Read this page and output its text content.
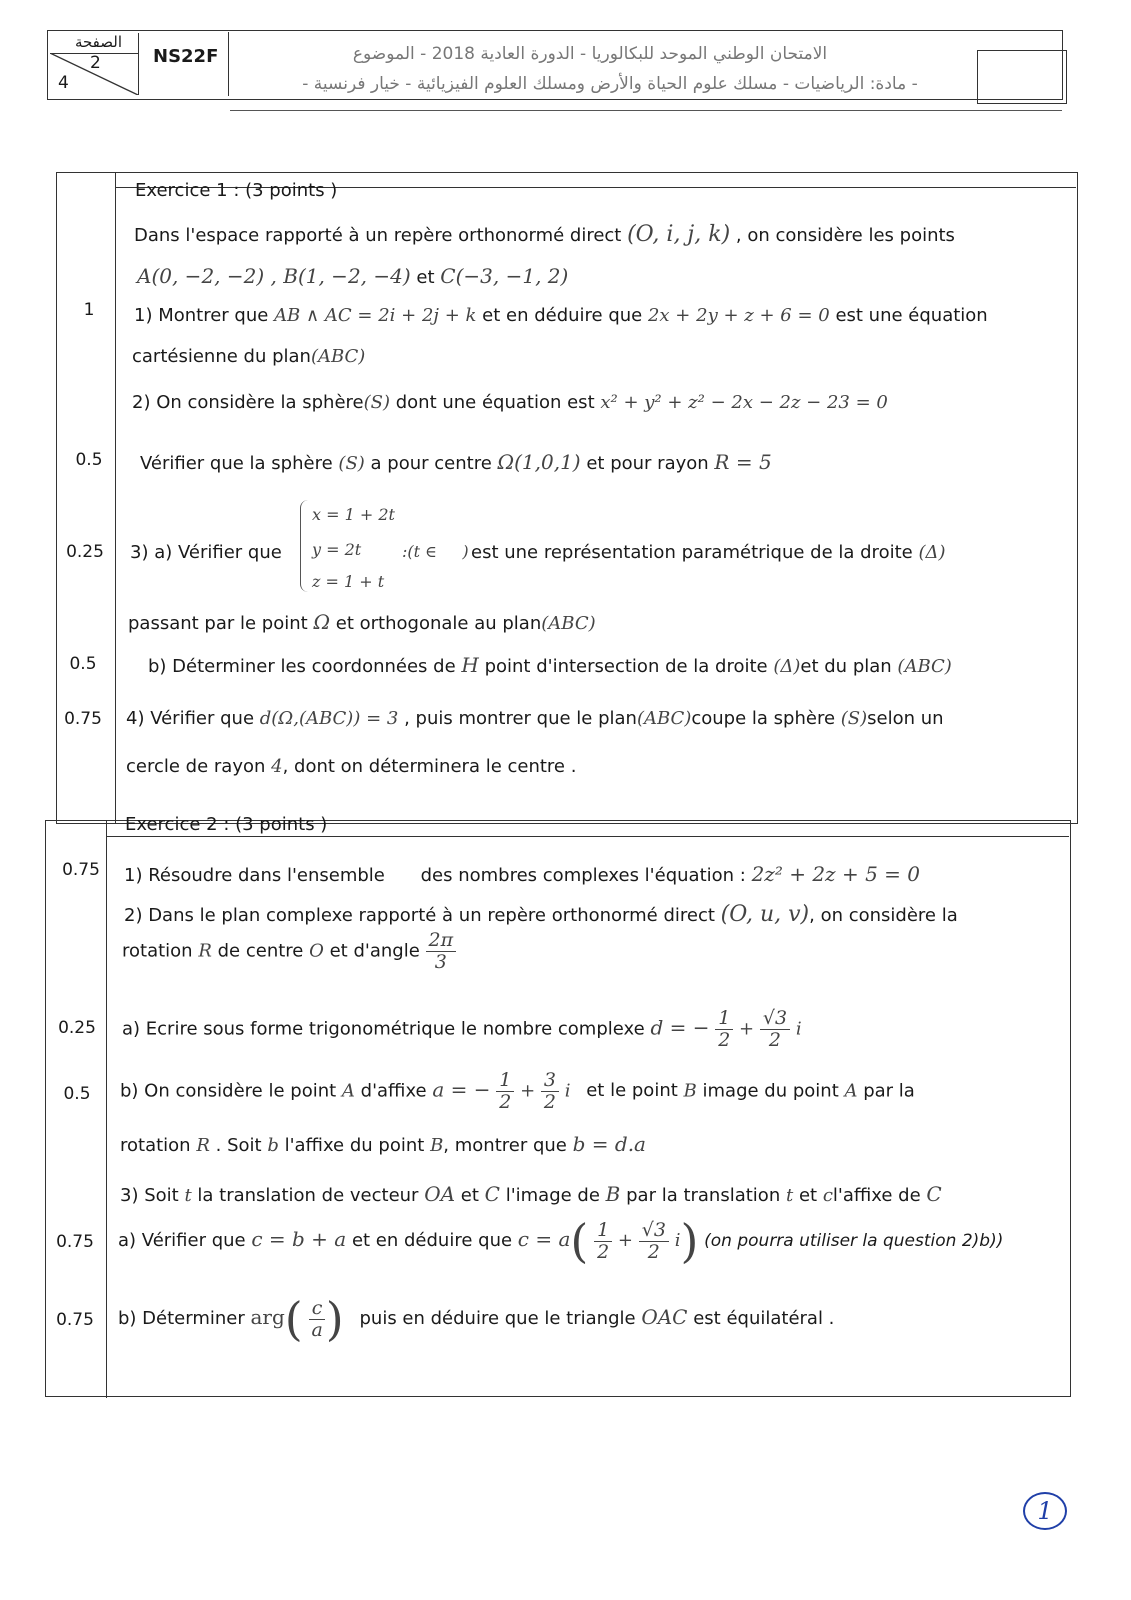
الصفحة
2
4
NS22F	الامتحان الوطني الموحد للبكالوريا - الدورة العادية 2018 - الموضوع
- مادة: الرياضيات - مسلك علوم الحياة والأرض ومسلك العلوم الفيزيائية - خيار فرنسية -
Exercice 1 : (3 points )
Dans l'espace rapporté à un repère orthonormé direct (O, i, j, k) , on considère les points
A(0, −2, −2) , B(1, −2, −4) et C(−3, −1, 2)
1	1) Montrer que AB ∧ AC = 2i + 2j + k et en déduire que 2x + 2y + z + 6 = 0 est une équation
cartésienne du plan(ABC)
2) On considère la sphère(S) dont une équation est x² + y² + z² − 2x − 2z − 23 = 0
0.5	Vérifier que la sphère (S) a pour centre Ω(1,0,1) et pour rayon R = 5
0.25	3) a) Vérifier que
x = 1 + 2t
y = 2t
z = 1 + t
:(t ∈     ) est une représentation paramétrique de la droite (Δ)
passant par le point Ω et orthogonale au plan(ABC)
0.5	b) Déterminer les coordonnées de H point d'intersection de la droite (Δ)et du plan (ABC)
0.75	4) Vérifier que d(Ω,(ABC)) = 3 , puis montrer que le plan(ABC)coupe la sphère (S)selon un
cercle de rayon 4, dont on déterminera le centre .
Exercice 2 : (3 points )
0.75	1) Résoudre dans l'ensemble des nombres complexes l'équation : 2z² + 2z + 5 = 0
2) Dans le plan complexe rapporté à un repère orthonormé direct (O, u, v), on considère la
rotation R de centre O et d'angle $\frac{2\pi}{3}$
0.25	a) Ecrire sous forme trigonométrique le nombre complexe d = − $\frac{1}{2} + \frac{√3}{2}$ i
0.5	b) On considère le point A d'affixe a = − $\frac{1}{2} + \frac{3}{2}$ i et le point B image du point A par la
rotation R . Soit b l'affixe du point B, montrer que b = d.a
3) Soit t la translation de vecteur OA et C l'image de B par la translation t et cl'affixe de C
0.75	a) Vérifier que c = b + a et en déduire que $c = a( \frac{1}{2} + \frac{√3}{2} i)$ (on pourra utiliser la question 2)b))
0.75	b) Déterminer $arg( \frac{c}{a}$ ) puis en déduire que le triangle OAC est équilatéral .
1
